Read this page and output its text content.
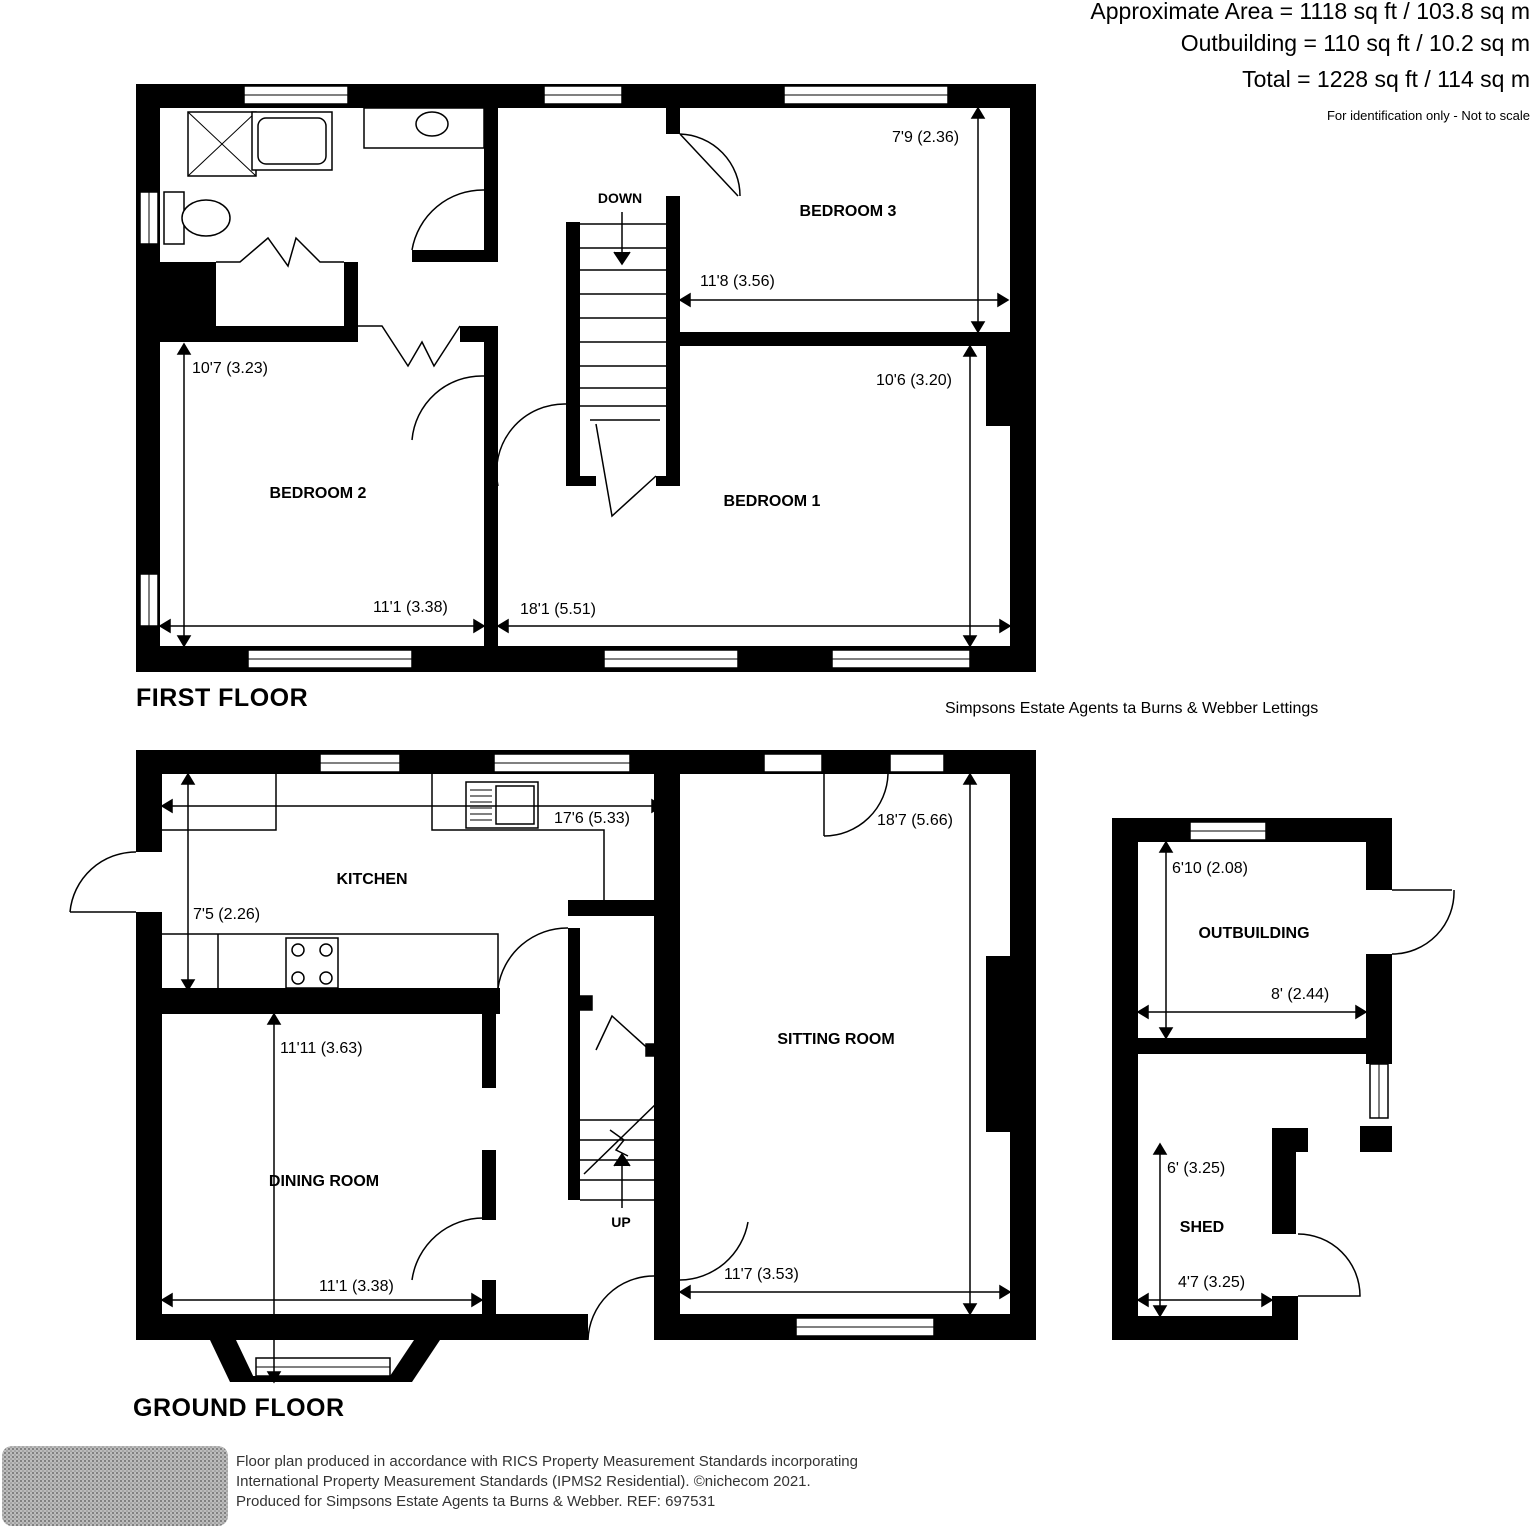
Approximate Area = 1118 sq ft / 103.8 sq m
Outbuilding = 110 sq ft / 10.2 sq m
Total = 1228 sq ft / 114 sq m
For identification only - Not to scale
FIRST FLOOR	Simpsons Estate Agents ta Burns & Webber Lettings
GROUND FLOOR
BEDROOM 3
BEDROOM 2	BEDROOM 1
DOWN
7'9 (2.36)
11'8 (3.56)
10'7 (3.23)
11'1 (3.38)
10'6 (3.20)
18'1 (5.51)
KITCHEN
DINING ROOM
SITTING ROOM
OUTBUILDING
SHED
UP
17'6 (5.33)
7'5 (2.26)
18'7 (5.66)
11'7 (3.53)
11'11 (3.63)
11'1 (3.38)
6'10 (2.08)
8' (2.44)
6' (3.25)
4'7 (3.25)
Floor plan produced in accordance with RICS Property Measurement Standards incorporating
International Property Measurement Standards (IPMS2 Residential). ©nichecom 2021.
Produced for Simpsons Estate Agents ta Burns & Webber. REF: 697531
